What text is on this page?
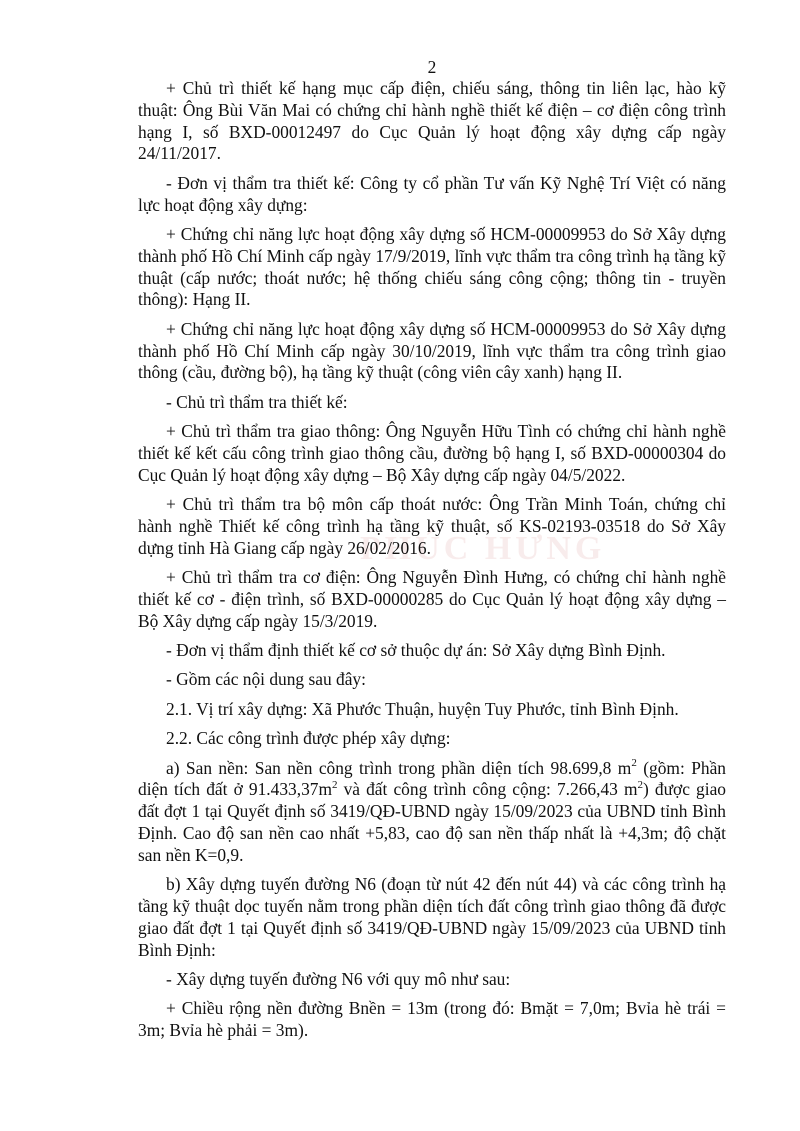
PHÚC HƯNG
2

+ Chủ trì thiết kế hạng mục cấp điện, chiếu sáng, thông tin liên lạc, hào kỹ thuật: Ông Bùi Văn Mai có chứng chỉ hành nghề thiết kế điện – cơ điện công trình hạng I, số BXD-00012497 do Cục Quản lý hoạt động xây dựng cấp ngày 24/11/2017.

- Đơn vị thẩm tra thiết kế: Công ty cổ phần Tư vấn Kỹ Nghệ Trí Việt có năng lực hoạt động xây dựng:

+ Chứng chỉ năng lực hoạt động xây dựng số HCM-00009953 do Sở Xây dựng thành phố Hồ Chí Minh cấp ngày 17/9/2019, lĩnh vực thẩm tra công trình hạ tầng kỹ thuật (cấp nước; thoát nước; hệ thống chiếu sáng công cộng; thông tin - truyền thông): Hạng II.

+ Chứng chỉ năng lực hoạt động xây dựng số HCM-00009953 do Sở Xây dựng thành phố Hồ Chí Minh cấp ngày 30/10/2019, lĩnh vực thẩm tra công trình giao thông (cầu, đường bộ), hạ tầng kỹ thuật (công viên cây xanh) hạng II.

- Chủ trì thẩm tra thiết kế:

+ Chủ trì thẩm tra giao thông: Ông Nguyễn Hữu Tình có chứng chỉ hành nghề thiết kế kết cấu công trình giao thông cầu, đường bộ hạng I, số BXD-00000304 do Cục Quản lý hoạt động xây dựng – Bộ Xây dựng cấp ngày 04/5/2022.

+ Chủ trì thẩm tra bộ môn cấp thoát nước: Ông Trần Minh Toán, chứng chỉ hành nghề Thiết kế công trình hạ tầng kỹ thuật, số KS-02193-03518 do Sở Xây dựng tỉnh Hà Giang cấp ngày 26/02/2016.

+ Chủ trì thẩm tra cơ điện: Ông Nguyễn Đình Hưng, có chứng chỉ hành nghề thiết kế cơ - điện trình, số BXD-00000285 do Cục Quản lý hoạt động xây dựng – Bộ Xây dựng cấp ngày 15/3/2019.

- Đơn vị thẩm định thiết kế cơ sở thuộc dự án: Sở Xây dựng Bình Định.

- Gồm các nội dung sau đây:

2.1. Vị trí xây dựng: Xã Phước Thuận, huyện Tuy Phước, tỉnh Bình Định.

2.2. Các công trình được phép xây dựng:

a) San nền: San nền công trình trong phần diện tích 98.699,8 $m^2$ (gồm: Phần diện tích đất ở $91.433,37m^2$ và đất công trình công cộng: 7.266,43 $m^2$) được giao đất đợt 1 tại Quyết định số 3419/QĐ-UBND ngày 15/09/2023 của UBND tỉnh Bình Định. Cao độ san nền cao nhất +5,83, cao độ san nền thấp nhất là +4,3m; độ chặt san nền K=0,9.

b) Xây dựng tuyến đường N6 (đoạn từ nút 42 đến nút 44) và các công trình hạ tầng kỹ thuật dọc tuyến nằm trong phần diện tích đất công trình giao thông đã được giao đất đợt 1 tại Quyết định số 3419/QĐ-UBND ngày 15/09/2023 của UBND tỉnh Bình Định:

- Xây dựng tuyến đường N6 với quy mô như sau:

+ Chiều rộng nền đường Bnền = 13m (trong đó: Bmặt = 7,0m; Bvỉa hè trái = 3m; Bvỉa hè phải = 3m).
